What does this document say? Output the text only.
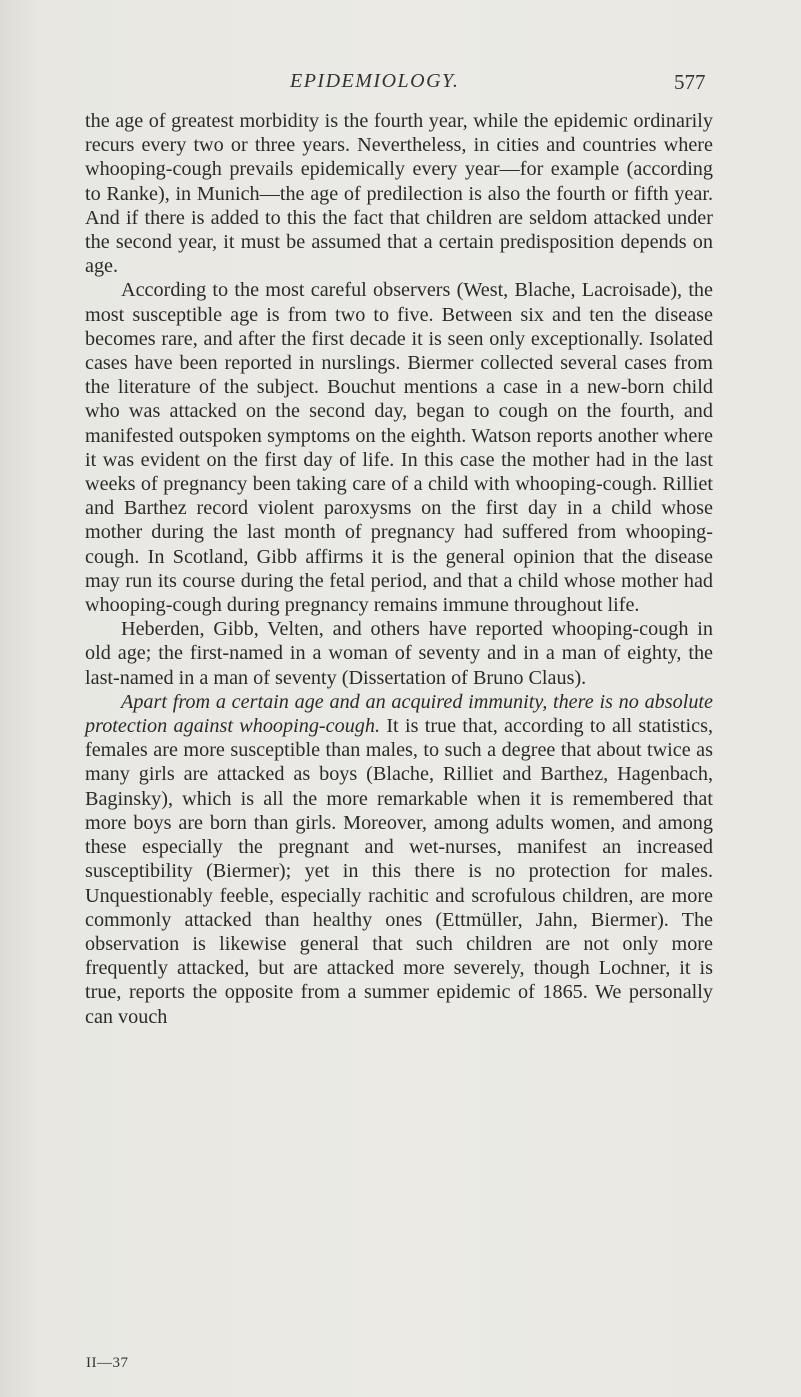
EPIDEMIOLOGY.	577

the age of greatest morbidity is the fourth year, while the epidemic ordinarily recurs every two or three years. Nevertheless, in cities and countries where whooping-cough prevails epidemically every year—for example (according to Ranke), in Munich—the age of predilection is also the fourth or fifth year. And if there is added to this the fact that children are seldom attacked under the second year, it must be assumed that a certain predisposition depends on age.

According to the most careful observers (West, Blache, Lacroisade), the most susceptible age is from two to five. Between six and ten the disease becomes rare, and after the first decade it is seen only exceptionally. Isolated cases have been reported in nurslings. Biermer collected several cases from the literature of the subject. Bouchut mentions a case in a new-born child who was attacked on the second day, began to cough on the fourth, and manifested outspoken symptoms on the eighth. Watson reports another where it was evident on the first day of life. In this case the mother had in the last weeks of pregnancy been taking care of a child with whooping-cough. Rilliet and Barthez record violent paroxysms on the first day in a child whose mother during the last month of pregnancy had suffered from whooping-cough. In Scotland, Gibb affirms it is the general opinion that the disease may run its course during the fetal period, and that a child whose mother had whooping-cough during pregnancy remains immune throughout life.

Heberden, Gibb, Velten, and others have reported whooping-cough in old age; the first-named in a woman of seventy and in a man of eighty, the last-named in a man of seventy (Dissertation of Bruno Claus).

Apart from a certain age and an acquired immunity, there is no absolute protection against whooping-cough. It is true that, according to all statistics, females are more susceptible than males, to such a degree that about twice as many girls are attacked as boys (Blache, Rilliet and Barthez, Hagenbach, Baginsky), which is all the more remarkable when it is remembered that more boys are born than girls. Moreover, among adults women, and among these especially the pregnant and wet-nurses, manifest an increased susceptibility (Biermer); yet in this there is no protection for males. Unquestionably feeble, especially rachitic and scrofulous children, are more commonly attacked than healthy ones (Ettmüller, Jahn, Biermer). The observation is likewise general that such children are not only more frequently attacked, but are attacked more severely, though Lochner, it is true, reports the opposite from a summer epidemic of 1865. We personally can vouch

II—37
